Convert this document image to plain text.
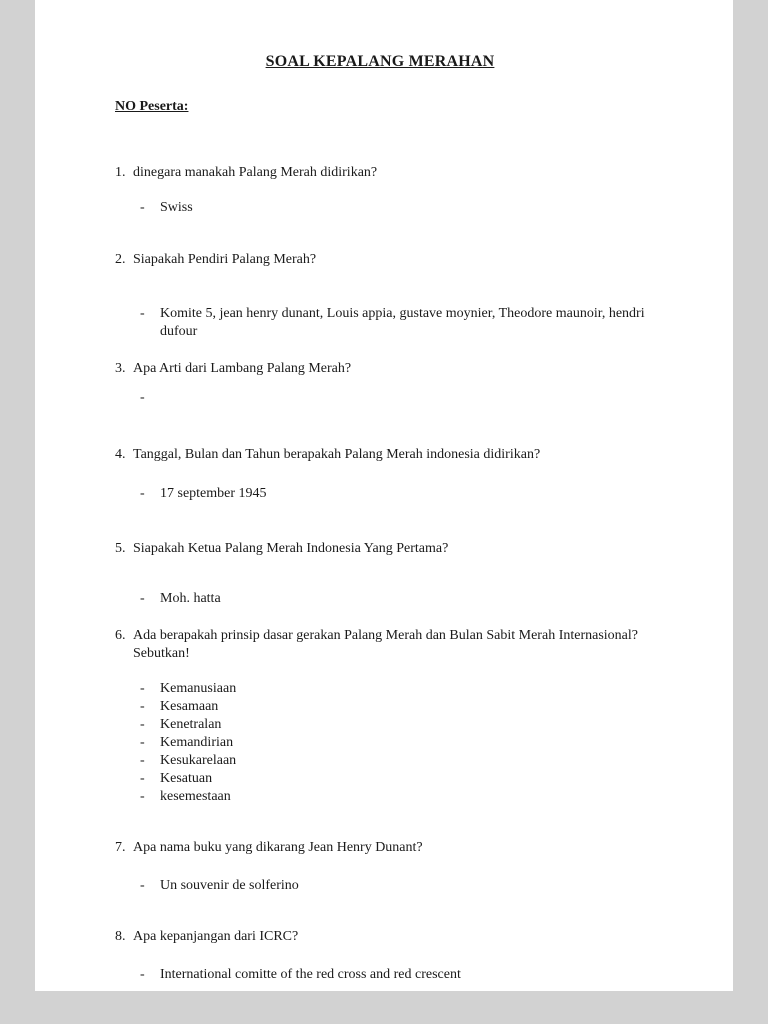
SOAL KEPALANG MERAHAN
NO Peserta:
1. dinegara manakah Palang Merah didirikan?
-	Swiss
2. Siapakah Pendiri Palang Merah?
-	Komite 5, jean henry dunant, Louis appia, gustave moynier, Theodore maunoir, hendri dufour
3. Apa Arti dari Lambang Palang Merah?
-
4. Tanggal, Bulan dan Tahun berapakah Palang Merah indonesia didirikan?
-	17 september 1945
5. Siapakah Ketua Palang Merah Indonesia Yang Pertama?
-	Moh. hatta
6. Ada berapakah prinsip dasar gerakan Palang Merah dan Bulan Sabit Merah Internasional? Sebutkan!
-	Kemanusiaan
-	Kesamaan
-	Kenetralan
-	Kemandirian
-	Kesukarelaan
-	Kesatuan
-	kesemestaan
7. Apa nama buku yang dikarang Jean Henry Dunant?
-	Un souvenir de solferino
8. Apa kepanjangan dari ICRC?
-	International comitte of the red cross and red crescent
